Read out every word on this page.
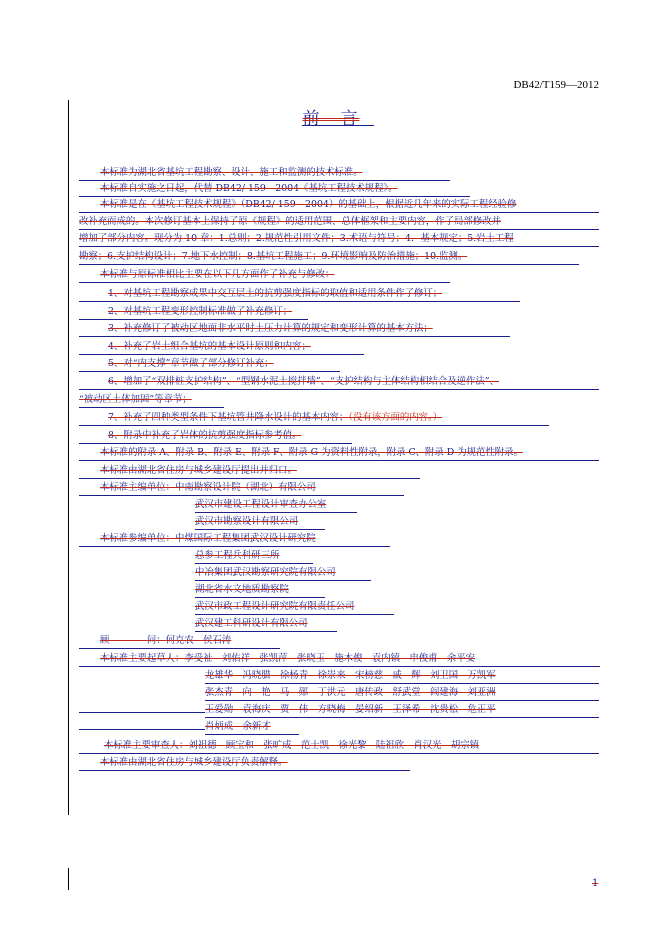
DB42/T159—2012
前　言
本标准为湖北省基坑工程勘察、设计、施工和监测的技术标准。
本标准自实施之日起，代替 DB42/ 159—2004《基坑工程技术规程》。
本标准是在《基坑工程技术规程》（DB42/ 159—2004）的基础上，根据近几年来的实际工程经验修
改补充而成的。本次修订基本上保持了原《规程》的适用范围、总体框架和主要内容，作了局部修改并
增加了部分内容。现分为 10 章：1.总则；2.规范性引用文件；3.术语与符号；4．基本规定；5.岩土工程
勘察；6.支护结构设计；7.地下水控制；8.基坑工程施工；9.环境影响及防治措施；10.监测。
本标准与原标准相比主要在以下几方面作了补充与修改：
1、对基坑工程勘察成果中交互层土的抗剪强度指标的取值和适用条件作了修订；
2、对基坑工程变形控制标准做了补充修订；
3、补充修订了被动区地面非水平时土压力计算的规定和变形计算的基本方法；
4、补充了岩土组合基坑的基本设计原则和内容；
5、对“内支撑”章节做了部分修订补充；
6、增加了“双排桩支护结构”、“型钢水泥土搅拌墙”、“支护结构与主体结构相结合及逆作法”、
“被动区土体加固”等章节；
7、补充了四种类型条件下基坑管井降水设计的基本内容；（没有该方面的内容。）
8、附录中补充了岩体的抗剪强度指标参考值。
本标准的附录 A、附录 B、附录 E、附录 F、附录 G 为资料性附录，附录 C、附录 D 为规范性附录。
本标准由湖北省住房与城乡建设厅提出并归口。
本标准主编单位：中南勘察设计院（湖北）有限公司
武汉市建设工程设计审查办公室
武汉市勘察设计有限公司
本标准参编单位：中煤国际工程集团武汉设计研究院
总参工程兵科研三所
中冶集团武汉勘察研究院有限公司
湖北省水文地质勘察院
武汉市政工程设计研究院有限责任公司
武汉建工科研设计有限公司
顾　　　　问：何克农　侯石涛
本标准主要起草人：李受祉　刘佑祥　张凯萍　张晓玉　施木俊　袁内镇　申俊甫　余平安
龙雄华　冯晓腊　徐杨青　徐崇来　宋榜慈　戚　辉　刘卫国　万凯军
张杰青　向　艳　马　郧　丁洪元　唐传政　舒武堂　阎建海　刘亚洲
王爱勋　袁海庆　贾　伟　方晓梅　晏绍新　王泽希　沈贵松　危正平
肖炳成　余新才
本标准主要审查人：刘祖德　顾宝和　张旷成　范士凯　徐光黎　陆祖欣　肖汉光　胡宗镇
本标准由湖北省住房与城乡建设厅负责解释。
1
